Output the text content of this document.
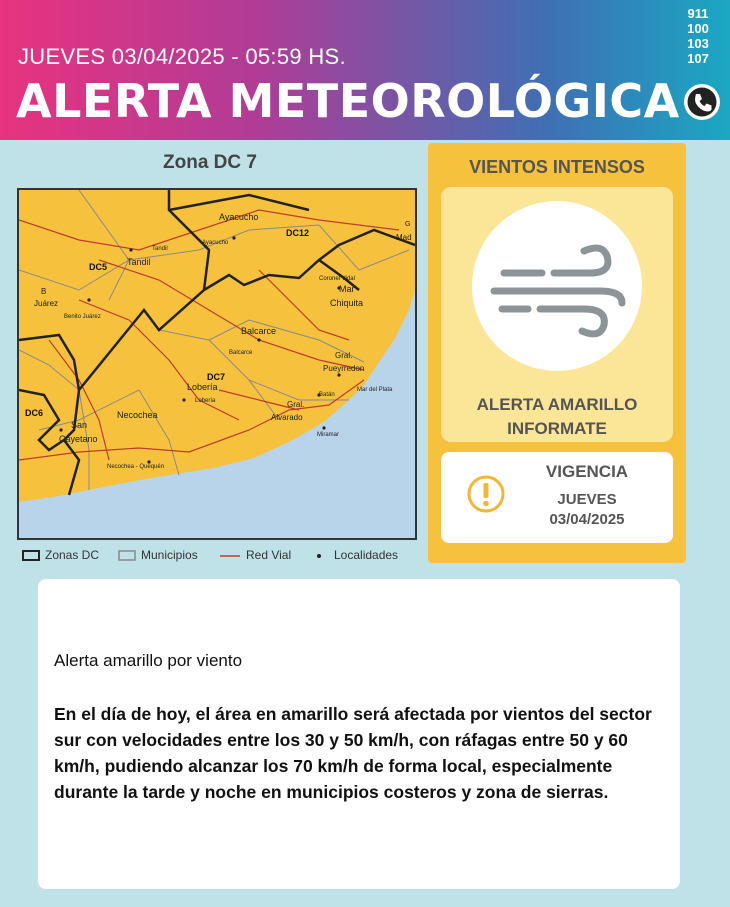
JUEVES 03/04/2025 - 05:59 HS.
ALERTA METEOROLÓGICA
911
100
103
107
Zona DC 7
Ayacucho
Ayacucho
Tandil
Tandil
Mad
Coronel Vidal
Mar
Chiquita
B
Juárez
Benito Juárez
Balcarce
Balcarce	Gral.
Pueyrredon
Lobería
Lobería
Mar del Plata
Batán
Gral.
Alvarado
Necochea
San
Cayetano	Miramar
Necochea - Quequén
G
DC12
DC5
DC7
DC6
Zonas DC	Municipios	Red Vial	Localidades
VIENTOS INTENSOS
ALERTA AMARILLO
INFORMATE
VIGENCIA
JUEVES
03/04/2025
Alerta amarillo por viento
En el día de hoy, el área en amarillo será afectada por vientos del sector sur con velocidades entre los 30 y 50 km/h, con ráfagas entre 50 y 60 km/h, pudiendo alcanzar los 70 km/h de forma local, especialmente durante la tarde y noche en municipios costeros y zona de sierras.
